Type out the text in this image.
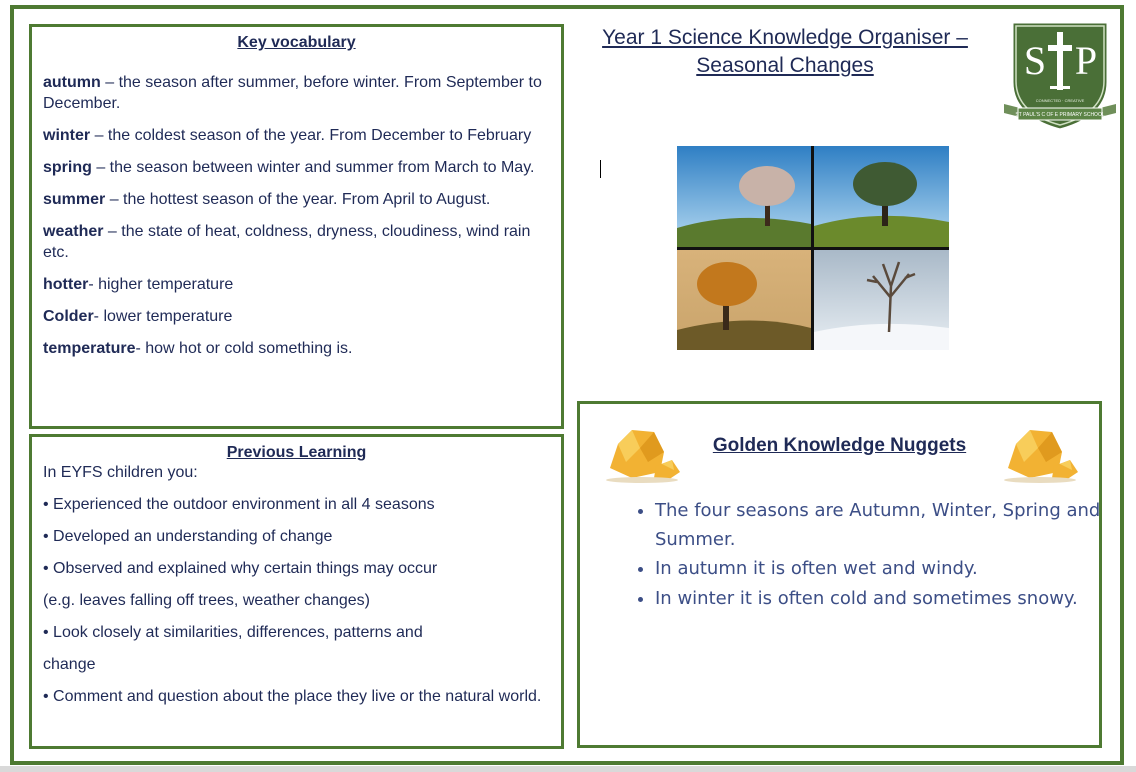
Key vocabulary
autumn – the season after summer, before winter. From September to December.
winter – the coldest season of the year. From December to February
spring – the season between winter and summer from March to May.
summer – the hottest season of the year. From April to August.
weather – the state of heat, coldness, dryness, cloudiness, wind rain etc.
hotter- higher temperature
Colder- lower temperature
temperature- how hot or cold something is.
Previous Learning
In EYFS children you:
• Experienced the outdoor environment in all 4 seasons
• Developed an understanding of change
• Observed and explained why certain things may occur
(e.g. leaves falling off trees, weather changes)
• Look closely at similarities, differences, patterns and
change
• Comment and question about the place they live or the natural world.
Year 1 Science Knowledge Organiser –
Seasonal Changes	S P
CONNECTED · CREATIVE
ST PAUL'S C OF E PRIMARY SCHOOL
Golden Knowledge Nuggets
• The four seasons are Autumn, Winter, Spring and Summer.
• In autumn it is often wet and windy.
• In winter it is often cold and sometimes snowy.
